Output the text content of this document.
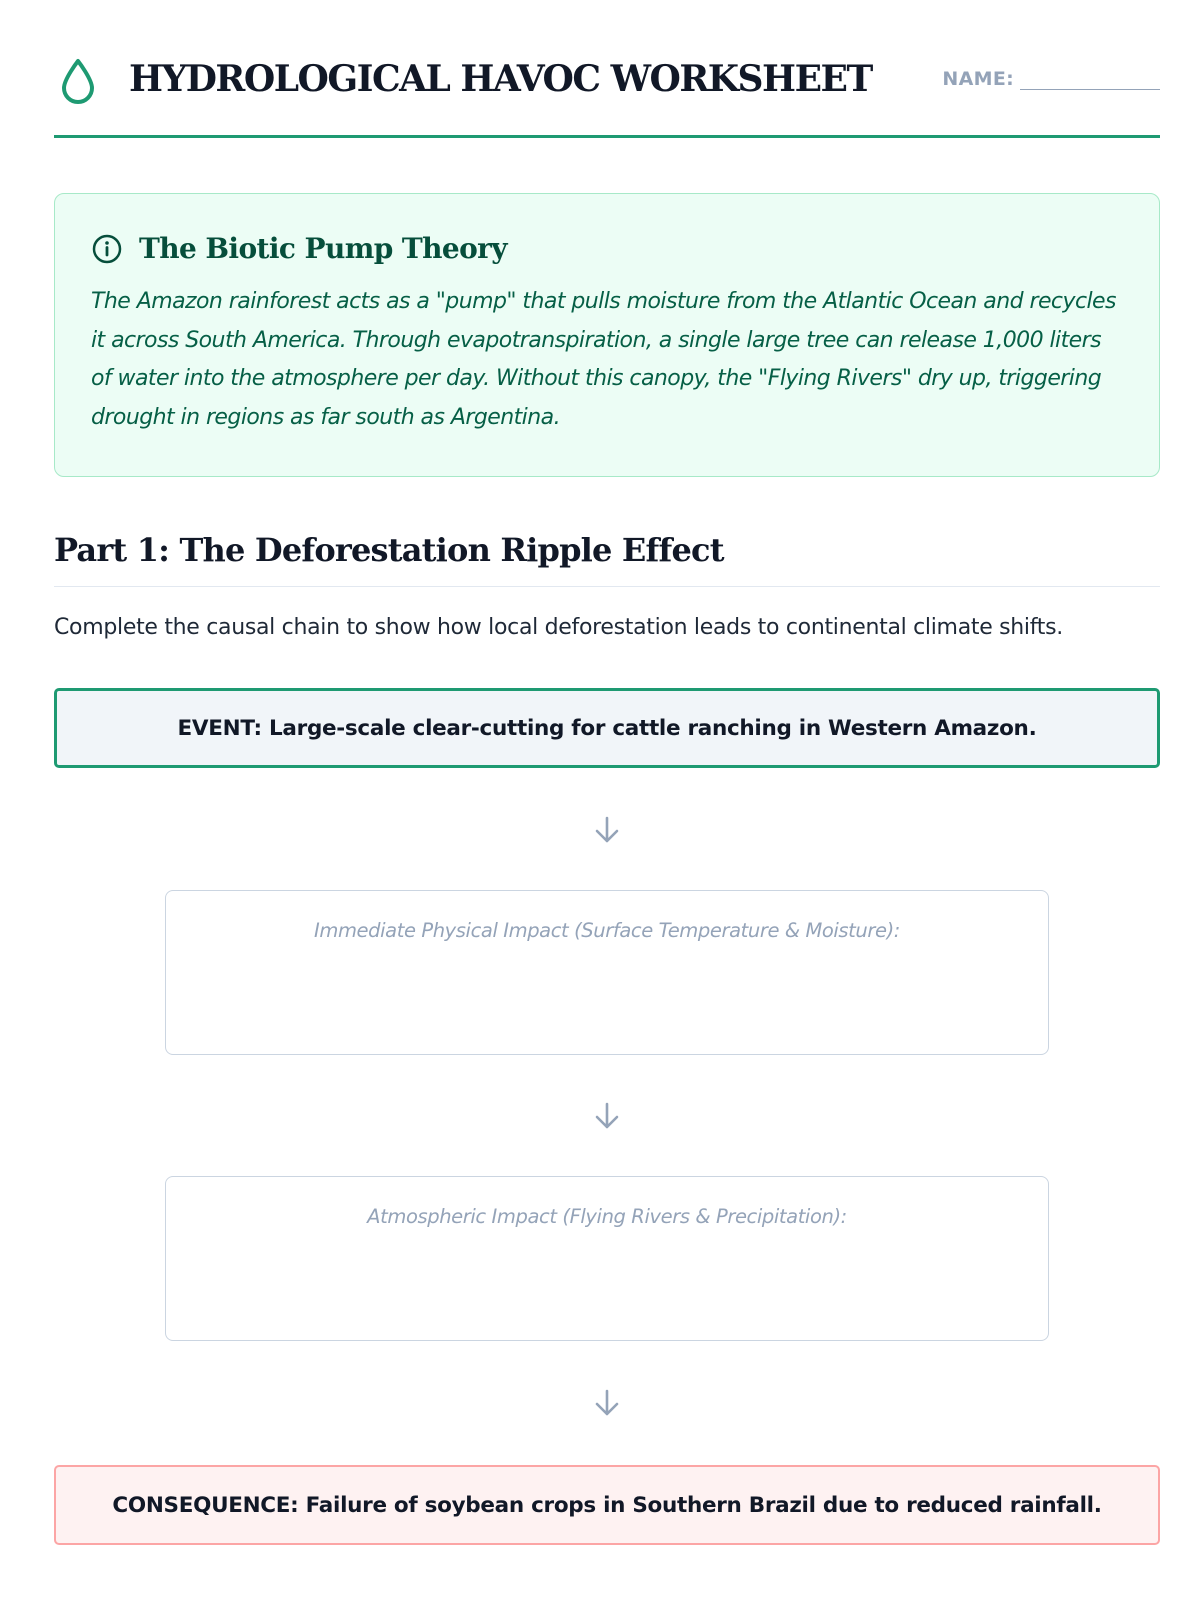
HYDROLOGICAL HAVOC WORKSHEET	NAME:
The Biotic Pump Theory

The Amazon rainforest acts as a "pump" that pulls moisture from the Atlantic Ocean and recycles it across South America. Through evapotranspiration, a single large tree can release 1,000 liters of water into the atmosphere per day. Without this canopy, the "Flying Rivers" dry up, triggering drought in regions as far south as Argentina.

Part 1: The Deforestation Ripple Effect

Complete the causal chain to show how local deforestation leads to continental climate shifts.

EVENT: Large-scale clear-cutting for cattle ranching in Western Amazon.
Immediate Physical Impact (Surface Temperature & Moisture):
Atmospheric Impact (Flying Rivers & Precipitation):
CONSEQUENCE: Failure of soybean crops in Southern Brazil due to reduced rainfall.
